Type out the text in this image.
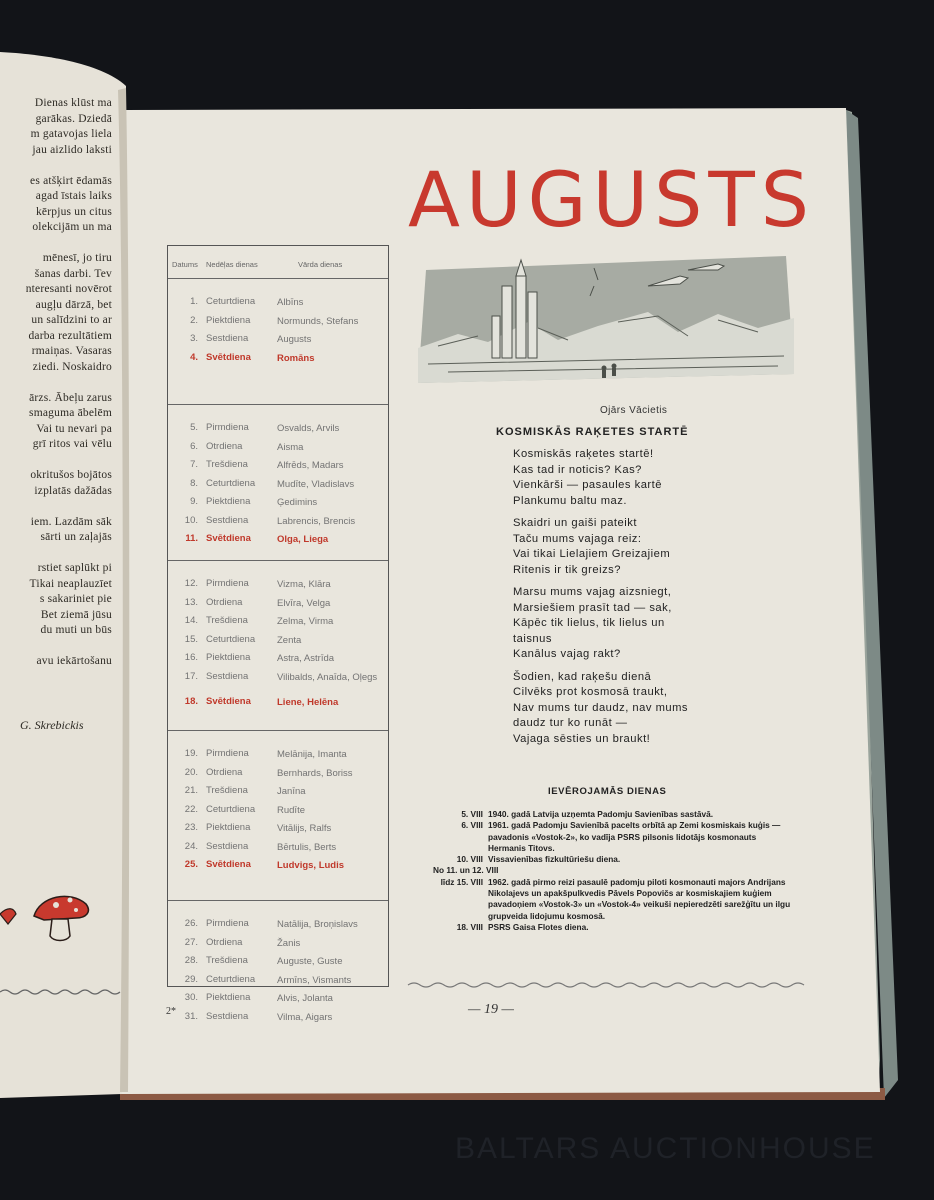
Dienas klūst ma
garākas. Dziedā
m gatavojas liela
jau aizlido laksti

es atšķirt ēdamās
agad īstais laiks
kērpjus un citus
olekcijām un ma

mēnesī, jo tiru
šanas darbi. Tev
nteresanti novērot
augļu dārzā, bet
un salīdzini to ar
darba rezultātiem
rmaiņas. Vasaras
ziedi. Noskaidro

ārzs. Ābeļu zarus
smaguma ābelēm
Vai tu nevari pa
grī ritos vai vēlu

okritušos bojātos
izplatās dažādas

iem. Lazdām sāk
sārti un zaļajās

rstiet saplūkt pi
Tikai neaplauzīet
s sakariniet pie
Bet ziemā jūsu
du muti un būs

avu iekārtošanu
G. Skrebickis
AUGUSTS
Datums Nedēļas dienas	Vārda dienas
1. Ceturtdiena	Albīns
2. Piektdiena	Normunds, Stefans
3. Sestdiena	Augusts
4. Svētdiena	Romāns
5. Pirmdiena	Osvalds, Arvils
6. Otrdiena	Aisma
7. Trešdiena	Alfrēds, Madars
8. Ceturtdiena	Mudīte, Vladislavs
9. Piektdiena	Ģedimins
10. Sestdiena	Labrencis, Brencis
11. Svētdiena	Olga, Liega
12. Pirmdiena	Vizma, Klāra
13. Otrdiena	Elvīra, Velga
14. Trešdiena	Zelma, Virma
15. Ceturtdiena	Zenta
16. Piektdiena	Astra, Astrīda
17. Sestdiena	Vilibalds, Anaīda, Oļegs
18. Svētdiena	Liene, Helēna
19. Pirmdiena	Melānija, Imanta
20. Otrdiena	Bernhards, Boriss
21. Trešdiena	Janīna
22. Ceturtdiena	Rudīte
23. Piektdiena	Vitālijs, Ralfs
24. Sestdiena	Bērtulis, Berts
25. Svētdiena	Ludvigs, Ludis
26. Pirmdiena	Natālija, Broņislavs
27. Otrdiena	Žanis
28. Trešdiena	Auguste, Guste
29. Ceturtdiena	Armīns, Vismants
30. Piektdiena	Alvis, Jolanta
31. Sestdiena	Vilma, Aigars
Ojārs Vācietis
KOSMISKĀS RAĶETES STARTĒ
Kosmiskās raķetes startē!
Kas tad ir noticis? Kas?
Vienkārši — pasaules kartē
Plankumu baltu maz.
Skaidri un gaiši pateikt
Taču mums vajaga reiz:
Vai tikai Lielajiem Greizajiem
Ritenis ir tik greizs?
Marsu mums vajag aizsniegt,
Marsiešiem prasīt tad — sak,
Kāpēc tik lielus, tik lielus un
taisnus
Kanālus vajag rakt?
Šodien, kad raķešu dienā
Cilvēks prot kosmosā traukt,
Nav mums tur daudz, nav mums
daudz tur ko runāt —
Vajaga sēsties un braukt!
IEVĒROJAMĀS DIENAS
5. VIII 1940. gadā Latvija uzņemta Padomju Savienības sastāvā.
6. VIII 1961. gadā Padomju Savienībā pacelts orbītā ap Zemi kosmiskais kuģis — pavadonis «Vostok-2», ko vadīja PSRS pilsonis lidotājs kosmonauts Hermanis Titovs.
10. VIII Vissavienības fizkultūriešu diena.
No 11. un 12. VIII

līdz 15. VIII 1962. gadā pirmo reizi pasaulē padomju piloti kosmonauti majors Andrijans Nikolajevs un apakšpulkvedis Pāvels Popovičs ar kosmiskajiem kuģiem pavadoņiem «Vostok-3» un «Vostok-4» veikuši nepieredzēti sarežģītu un ilgu grupveida lidojumu kosmosā.
18. VIII PSRS Gaisa Flotes diena.
2*	— 19 —
BALTARS AUCTIONHOUSE
